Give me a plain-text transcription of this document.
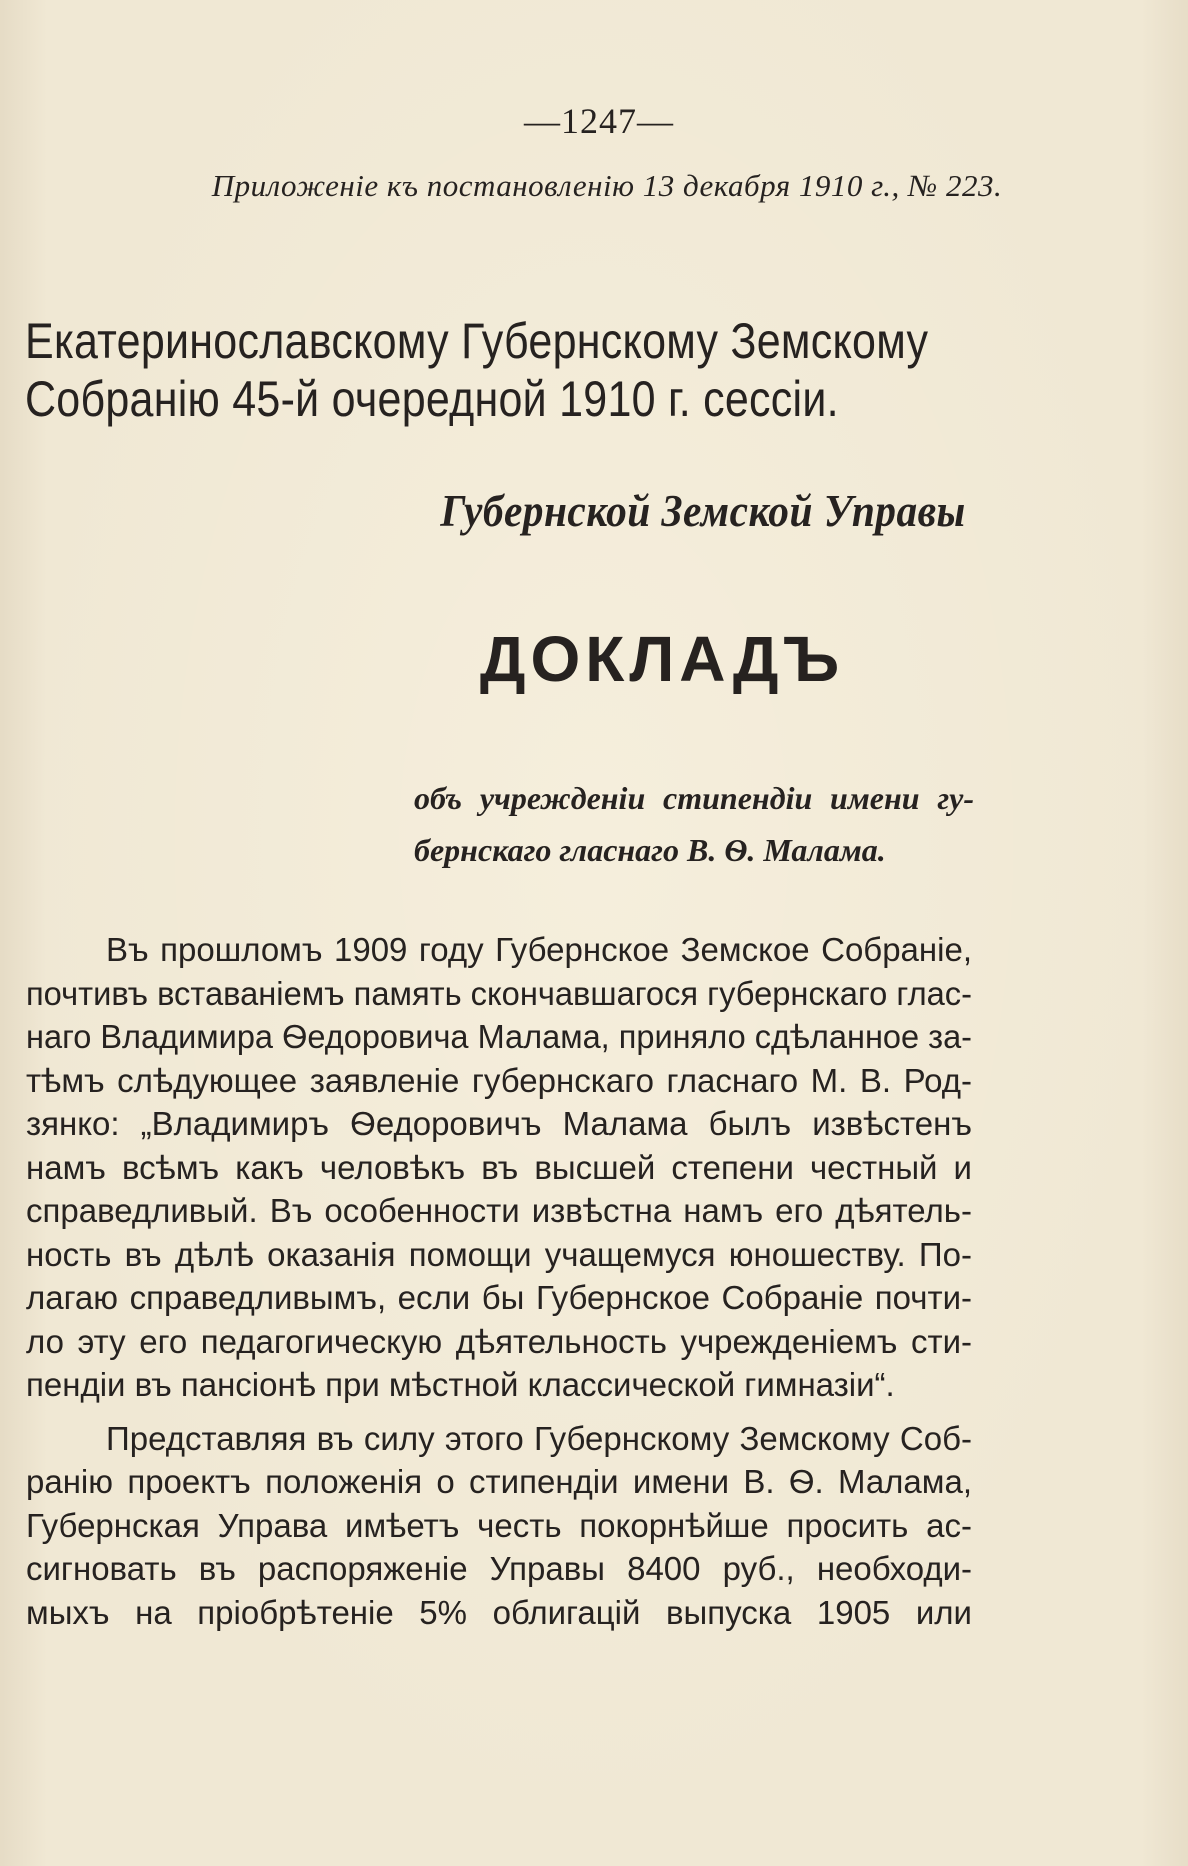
—1247—
Приложенiе къ постановленiю 13 декабря 1910 г., № 223.
Екатеринославскому Губернскому Земскому
Собранiю 45-й очередной 1910 г. сессiи.
Губернской Земской Управы
ДОКЛАДЪ
объ учрежденiи стипендiи имени гу-
бернскаго гласнаго В. Ѳ. Малама.
Въ прошломъ 1909 году Губернское Земское Собранiе,
почтивъ вставанiемъ память скончавшагося губернскаго глас-
наго Владимира Ѳедоровича Малама, приняло сдѣланное за-
тѣмъ слѣдующее заявленiе губернскаго гласнаго М. В. Род-
зянко: „Владимиръ Ѳедоровичъ Малама былъ извѣстенъ
намъ всѣмъ какъ человѣкъ въ высшей степени честный и
справедливый. Въ особенности извѣстна намъ его дѣятель-
ность въ дѣлѣ оказанiя помощи учащемуся юношеству. По-
лагаю справедливымъ, если бы Губернское Собранiе почти-
ло эту его педагогическую дѣятельность учрежденiемъ сти-
пендiи въ пансiонѣ при мѣстной классической гимназiи“.
Представляя въ силу этого Губернскому Земскому Соб-
ранiю проектъ положенiя о стипендiи имени В. Ѳ. Малама,
Губернская Управа имѣетъ честь покорнѣйше просить ас-
сигновать въ распоряженiе Управы 8400 руб., необходи-
мыхъ на прiобрѣтенiе 5% облигацiй выпуска 1905 или
